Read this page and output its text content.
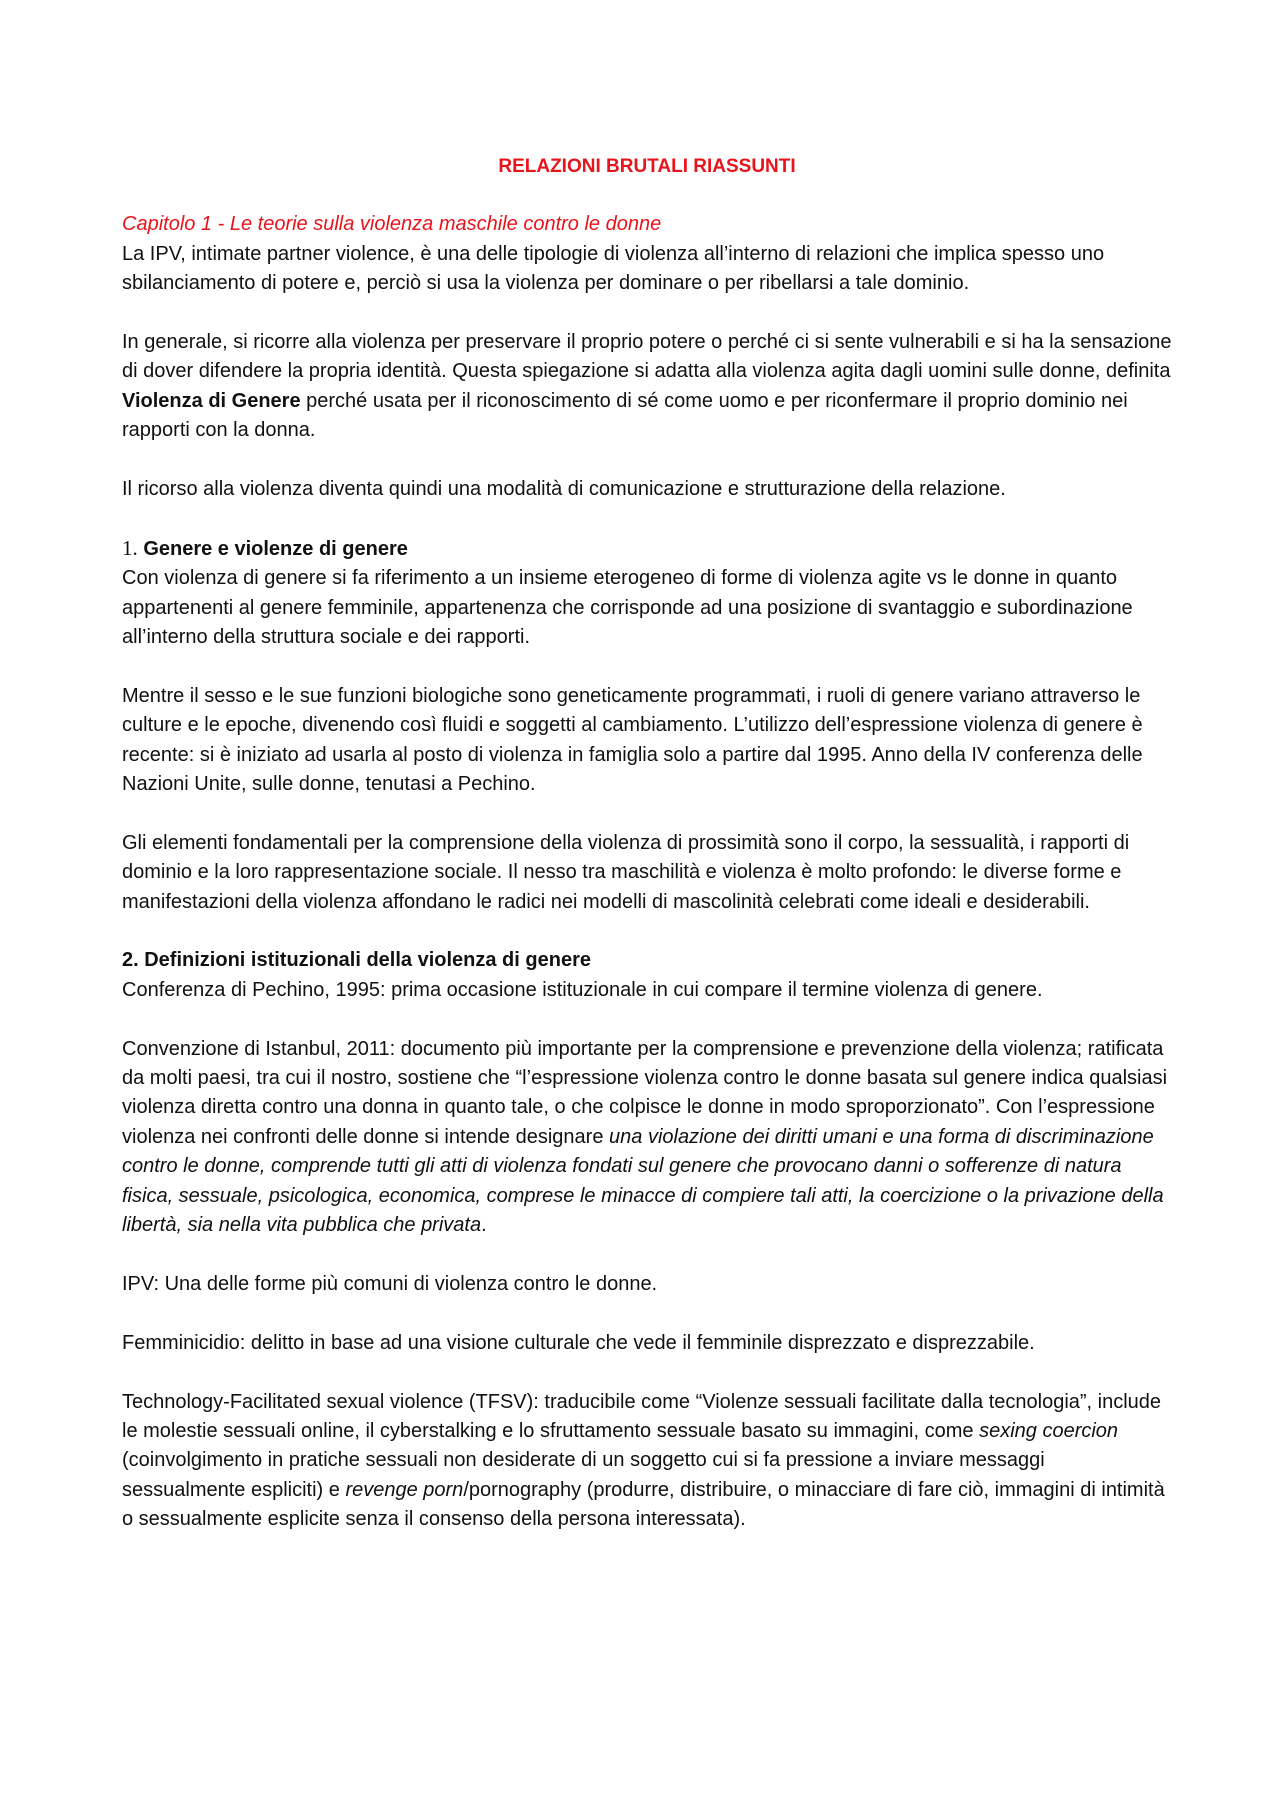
RELAZIONI BRUTALI RIASSUNTI
Capitolo 1 - Le teorie sulla violenza maschile contro le donne

La IPV, intimate partner violence, è una delle tipologie di violenza all’interno di relazioni che implica spesso uno sbilanciamento di potere e, perciò si usa la violenza per dominare o per ribellarsi a tale dominio.

In generale, si ricorre alla violenza per preservare il proprio potere o perché ci si sente vulnerabili e si ha la sensazione di dover difendere la propria identità. Questa spiegazione si adatta alla violenza agita dagli uomini sulle donne, definita Violenza di Genere perché usata per il riconoscimento di sé come uomo e per riconfermare il proprio dominio nei rapporti con la donna.

Il ricorso alla violenza diventa quindi una modalità di comunicazione e strutturazione della relazione.

1. Genere e violenze di genere

Con violenza di genere si fa riferimento a un insieme eterogeneo di forme di violenza agite vs le donne in quanto appartenenti al genere femminile, appartenenza che corrisponde ad una posizione di svantaggio e subordinazione all’interno della struttura sociale e dei rapporti.

Mentre il sesso e le sue funzioni biologiche sono geneticamente programmati, i ruoli di genere variano attraverso le culture e le epoche, divenendo così fluidi e soggetti al cambiamento. L’utilizzo dell’espressione violenza di genere è recente: si è iniziato ad usarla al posto di violenza in famiglia solo a partire dal 1995. Anno della IV conferenza delle Nazioni Unite, sulle donne, tenutasi a Pechino.

Gli elementi fondamentali per la comprensione della violenza di prossimità sono il corpo, la sessualità, i rapporti di dominio e la loro rappresentazione sociale. Il nesso tra maschilità e violenza è molto profondo: le diverse forme e manifestazioni della violenza affondano le radici nei modelli di mascolinità celebrati come ideali e desiderabili.

2. Definizioni istituzionali della violenza di genere

Conferenza di Pechino, 1995: prima occasione istituzionale in cui compare il termine violenza di genere.

Convenzione di Istanbul, 2011: documento più importante per la comprensione e prevenzione della violenza; ratificata da molti paesi, tra cui il nostro, sostiene che “l’espressione violenza contro le donne basata sul genere indica qualsiasi violenza diretta contro una donna in quanto tale, o che colpisce le donne in modo sproporzionato”. Con l’espressione violenza nei confronti delle donne si intende designare una violazione dei diritti umani e una forma di discriminazione contro le donne, comprende tutti gli atti di violenza fondati sul genere che provocano danni o sofferenze di natura fisica, sessuale, psicologica, economica, comprese le minacce di compiere tali atti, la coercizione o la privazione della libertà, sia nella vita pubblica che privata.

IPV: Una delle forme più comuni di violenza contro le donne.

Femminicidio: delitto in base ad una visione culturale che vede il femminile disprezzato e disprezzabile.

Technology-Facilitated sexual violence (TFSV): traducibile come “Violenze sessuali facilitate dalla tecnologia”, include le molestie sessuali online, il cyberstalking e lo sfruttamento sessuale basato su immagini, come sexing coercion (coinvolgimento in pratiche sessuali non desiderate di un soggetto cui si fa pressione a inviare messaggi sessualmente espliciti) e revenge porn/pornography (produrre, distribuire, o minacciare di fare ciò, immagini di intimità o sessualmente esplicite senza il consenso della persona interessata).
